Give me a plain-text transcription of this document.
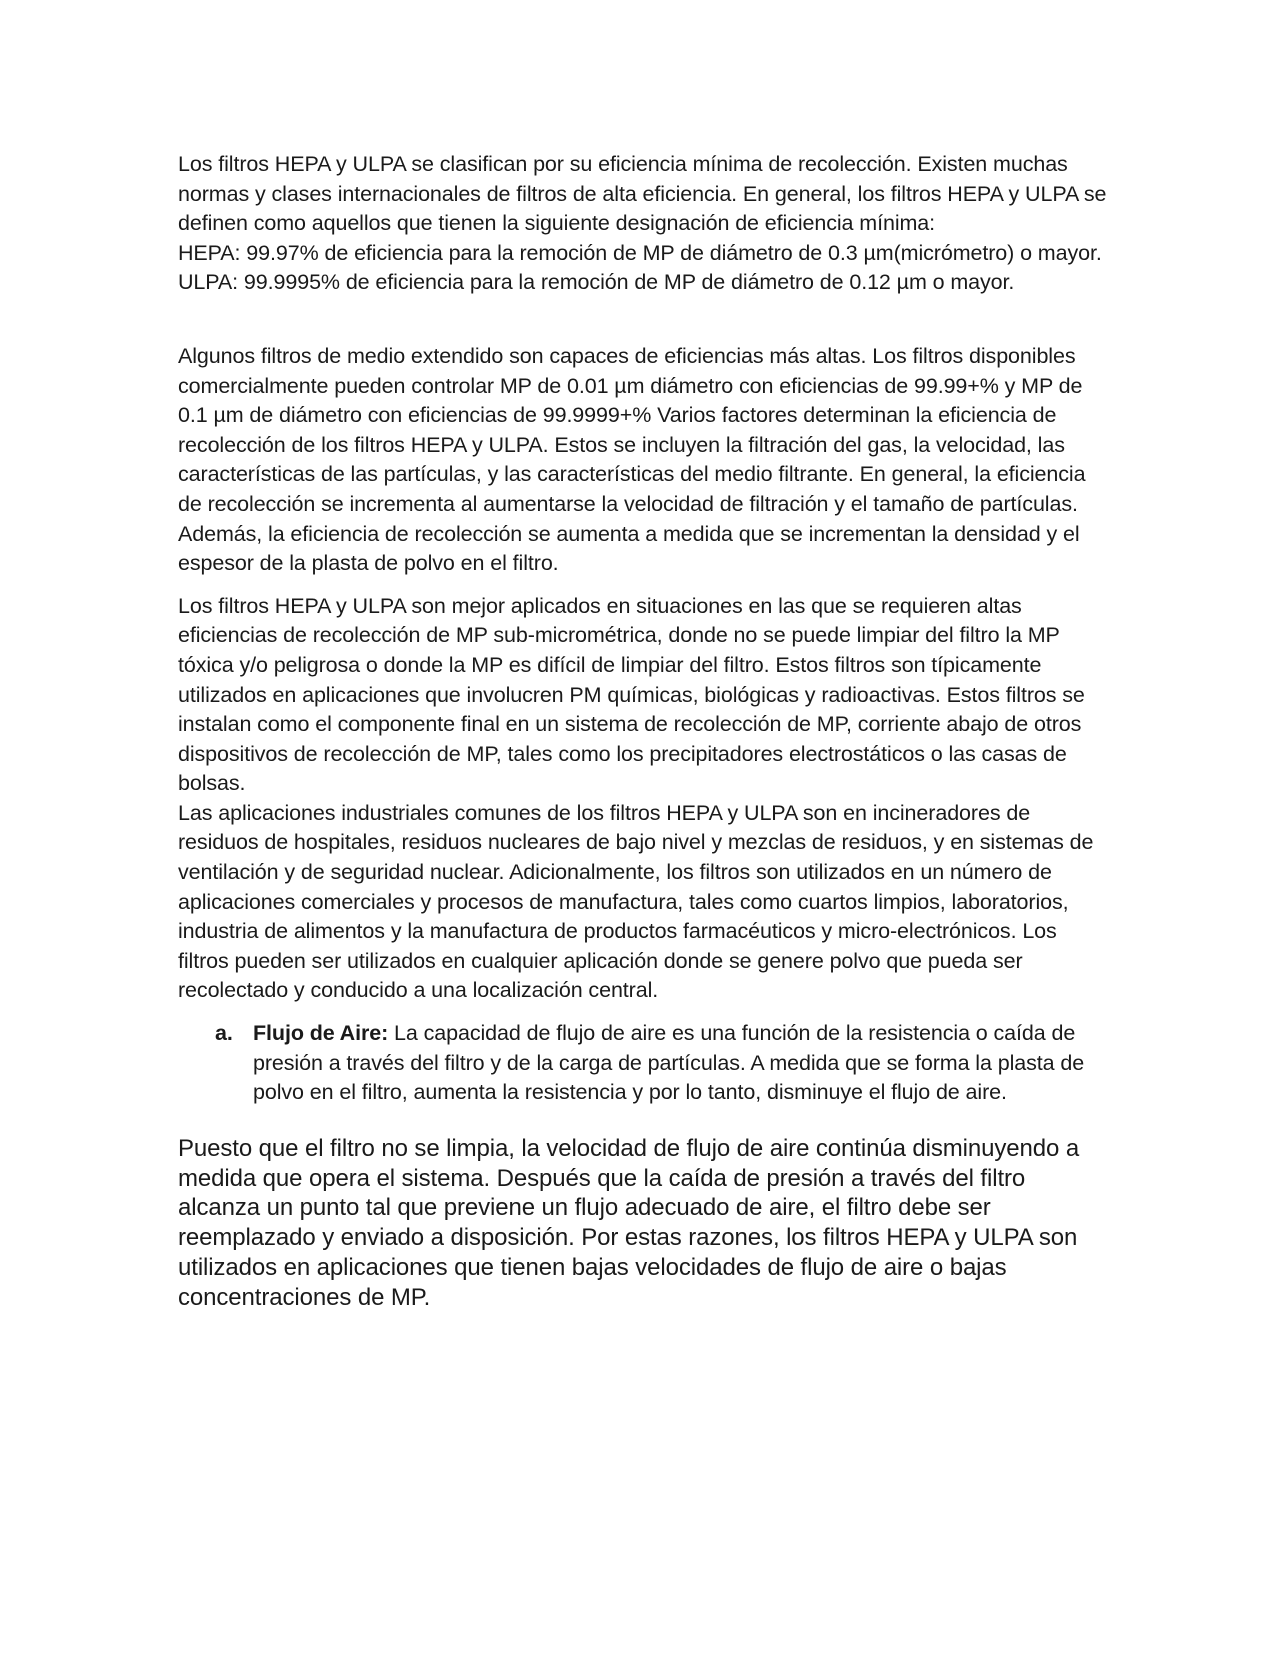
Los filtros HEPA y ULPA se clasifican por su eficiencia mínima de recolección. Existen muchas normas y clases internacionales de filtros de alta eficiencia. En general, los filtros HEPA y ULPA se definen como aquellos que tienen la siguiente designación de eficiencia mínima:

HEPA: 99.97% de eficiencia para la remoción de MP de diámetro de 0.3 µm(micrómetro) o mayor.

ULPA: 99.9995% de eficiencia para la remoción de MP de diámetro de 0.12 µm o mayor.

Algunos filtros de medio extendido son capaces de eficiencias más altas. Los filtros disponibles comercialmente pueden controlar MP de 0.01 µm diámetro con eficiencias de 99.99+% y MP de 0.1 µm de diámetro con eficiencias de 99.9999+% Varios factores determinan la eficiencia de recolección de los filtros HEPA y ULPA. Estos se incluyen la filtración del gas, la velocidad, las características de las partículas, y las características del medio filtrante. En general, la eficiencia de recolección se incrementa al aumentarse la velocidad de filtración y el tamaño de partículas. Además, la eficiencia de recolección se aumenta a medida que se incrementan la densidad y el espesor de la plasta de polvo en el filtro.

Los filtros HEPA y ULPA son mejor aplicados en situaciones en las que se requieren altas eficiencias de recolección de MP sub-micrométrica, donde no se puede limpiar del filtro la MP tóxica y/o peligrosa o donde la MP es difícil de limpiar del filtro. Estos filtros son típicamente utilizados en aplicaciones que involucren PM químicas, biológicas y radioactivas. Estos filtros se instalan como el componente final en un sistema de recolección de MP, corriente abajo de otros dispositivos de recolección de MP, tales como los precipitadores electrostáticos o las casas de bolsas.

Las aplicaciones industriales comunes de los filtros HEPA y ULPA son en incineradores de residuos de hospitales, residuos nucleares de bajo nivel y mezclas de residuos, y en sistemas de ventilación y de seguridad nuclear. Adicionalmente, los filtros son utilizados en un número de aplicaciones comerciales y procesos de manufactura, tales como cuartos limpios, laboratorios, industria de alimentos y la manufactura de productos farmacéuticos y micro-electrónicos. Los filtros pueden ser utilizados en cualquier aplicación donde se genere polvo que pueda ser recolectado y conducido a una localización central.

a. Flujo de Aire: La capacidad de flujo de aire es una función de la resistencia o caída de presión a través del filtro y de la carga de partículas. A medida que se forma la plasta de polvo en el filtro, aumenta la resistencia y por lo tanto, disminuye el flujo de aire.

Puesto que el filtro no se limpia, la velocidad de flujo de aire continúa disminuyendo a medida que opera el sistema. Después que la caída de presión a través del filtro alcanza un punto tal que previene un flujo adecuado de aire, el filtro debe ser reemplazado y enviado a disposición. Por estas razones, los filtros HEPA y ULPA son utilizados en aplicaciones que tienen bajas velocidades de flujo de aire o bajas concentraciones de MP.
